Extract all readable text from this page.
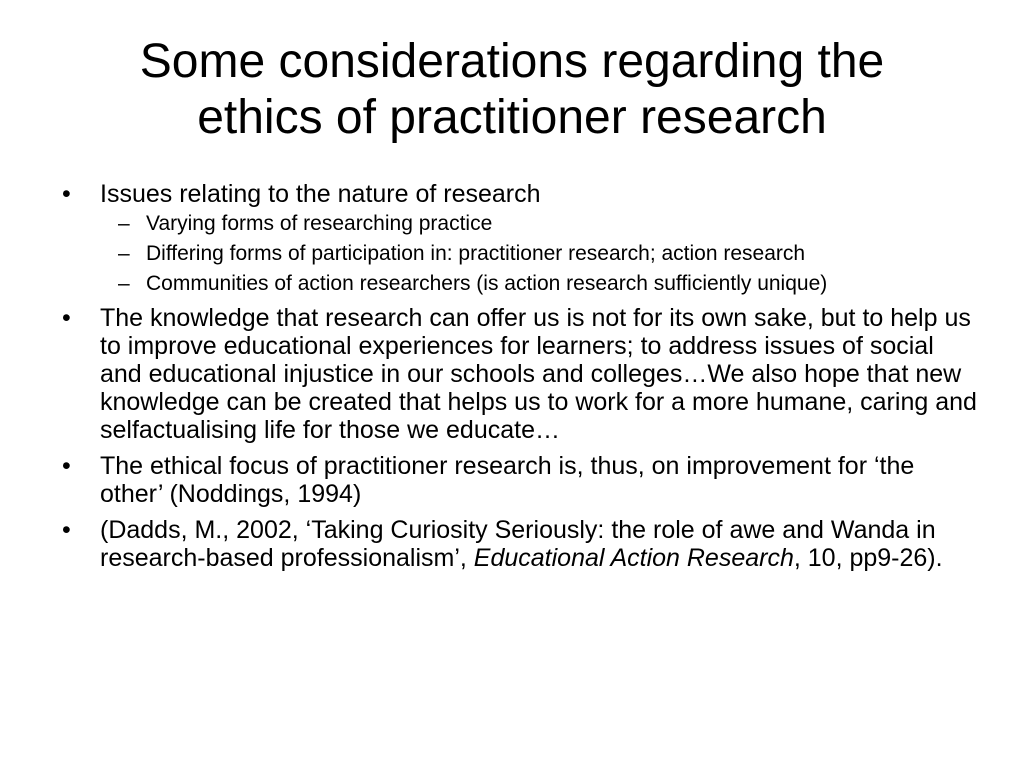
Some considerations regarding the
ethics of practitioner research
•	Issues relating to the nature of research
– Varying forms of researching practice
– Differing forms of participation in: practitioner research; action research
– Communities of action researchers (is action research sufficiently unique)
•	The knowledge that research can offer us is not for its own sake, but to help us to improve educational experiences for learners; to address issues of social and educational injustice in our schools and colleges…We also hope that new knowledge can be created that helps us to work for a more humane, caring and selfactualising life for those we educate…
•	The ethical focus of practitioner research is, thus, on improvement for ‘the other’ (Noddings, 1994)
•	(Dadds, M., 2002, ‘Taking Curiosity Seriously: the role of awe and Wanda in research-based professionalism’, Educational Action Research, 10, pp9-26).
